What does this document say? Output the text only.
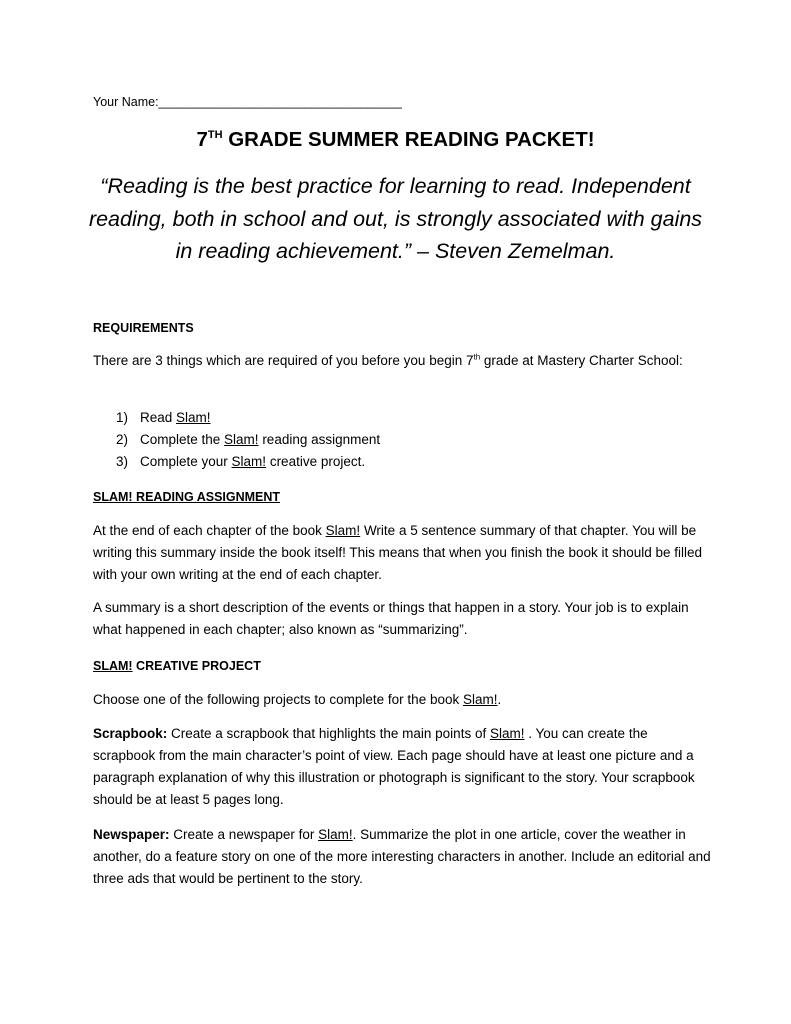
Your Name:___________________________________
7TH GRADE SUMMER READING PACKET!
“Reading is the best practice for learning to read. Independent reading, both in school and out, is strongly associated with gains in reading achievement.” – Steven Zemelman.
REQUIREMENTS
There are 3 things which are required of you before you begin 7th grade at Mastery Charter School:
1) Read Slam!
2) Complete the Slam! reading assignment
3) Complete your Slam! creative project.
SLAM! READING ASSIGNMENT
At the end of each chapter of the book Slam! Write a 5 sentence summary of that chapter. You will be writing this summary inside the book itself! This means that when you finish the book it should be filled with your own writing at the end of each chapter.
A summary is a short description of the events or things that happen in a story. Your job is to explain what happened in each chapter; also known as “summarizing”.
SLAM! CREATIVE PROJECT
Choose one of the following projects to complete for the book Slam!.
Scrapbook: Create a scrapbook that highlights the main points of Slam! . You can create the scrapbook from the main character’s point of view. Each page should have at least one picture and a paragraph explanation of why this illustration or photograph is significant to the story. Your scrapbook should be at least 5 pages long.
Newspaper: Create a newspaper for Slam!. Summarize the plot in one article, cover the weather in another, do a feature story on one of the more interesting characters in another. Include an editorial and three ads that would be pertinent to the story.
